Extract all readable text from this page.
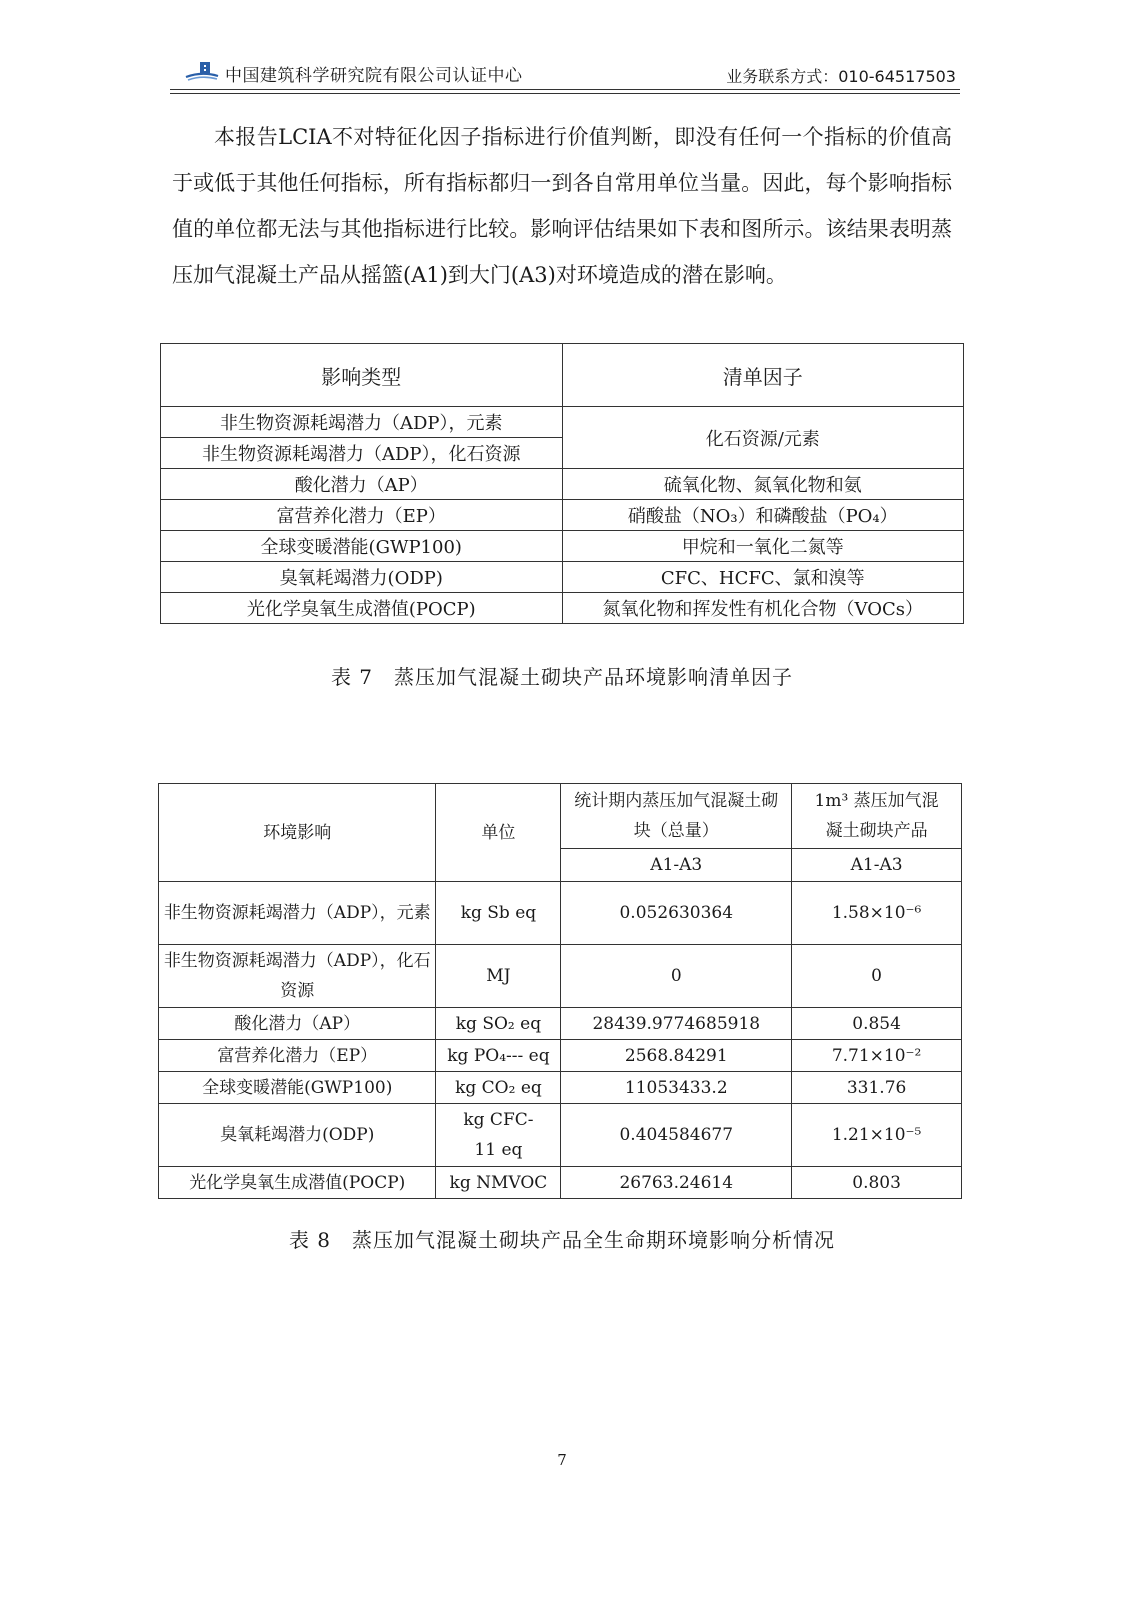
中国建筑科学研究院有限公司认证中心	业务联系方式：010-64517503

本报告LCIA不对特征化因子指标进行价值判断，即没有任何一个指标的价值高于或低于其他任何指标，所有指标都归一到各自常用单位当量。因此，每个影响指标值的单位都无法与其他指标进行比较。影响评估结果如下表和图所示。该结果表明蒸压加气混凝土产品从摇篮(A1)到大门(A3)对环境造成的潜在影响。

影响类型	清单因子
非生物资源耗竭潜力（ADP），元素	化石资源/元素
非生物资源耗竭潜力（ADP），化石资源	
酸化潜力（AP）	硫氧化物、氮氧化物和氨
富营养化潜力（EP）	硝酸盐（NO₃）和磷酸盐（PO₄）
全球变暖潜能(GWP100)	甲烷和一氧化二氮等
臭氧耗竭潜力(ODP)	CFC、HCFC、氯和溴等
光化学臭氧生成潜值(POCP)	氮氧化物和挥发性有机化合物（VOCs）
表 7　蒸压加气混凝土砌块产品环境影响清单因子
环境影响	单位	统计期内蒸压加气混凝土砌块（总量）	1m³ 蒸压加气混凝土砌块产品
		A1-A3	A1-A3
非生物资源耗竭潜力（ADP），元素	kg Sb eq	0.052630364	1.58×10⁻⁶
非生物资源耗竭潜力（ADP），化石资源	MJ	0	0
酸化潜力（AP）	kg SO₂ eq	28439.9774685918	0.854
富营养化潜力（EP）	kg PO₄--- eq	2568.84291	7.71×10⁻²
全球变暖潜能(GWP100)	kg CO₂ eq	11053433.2	331.76
臭氧耗竭潜力(ODP)	kg CFC-11 eq	0.404584677	1.21×10⁻⁵
光化学臭氧生成潜值(POCP)	kg NMVOC	26763.24614	0.803
表 8　蒸压加气混凝土砌块产品全生命期环境影响分析情况
7
